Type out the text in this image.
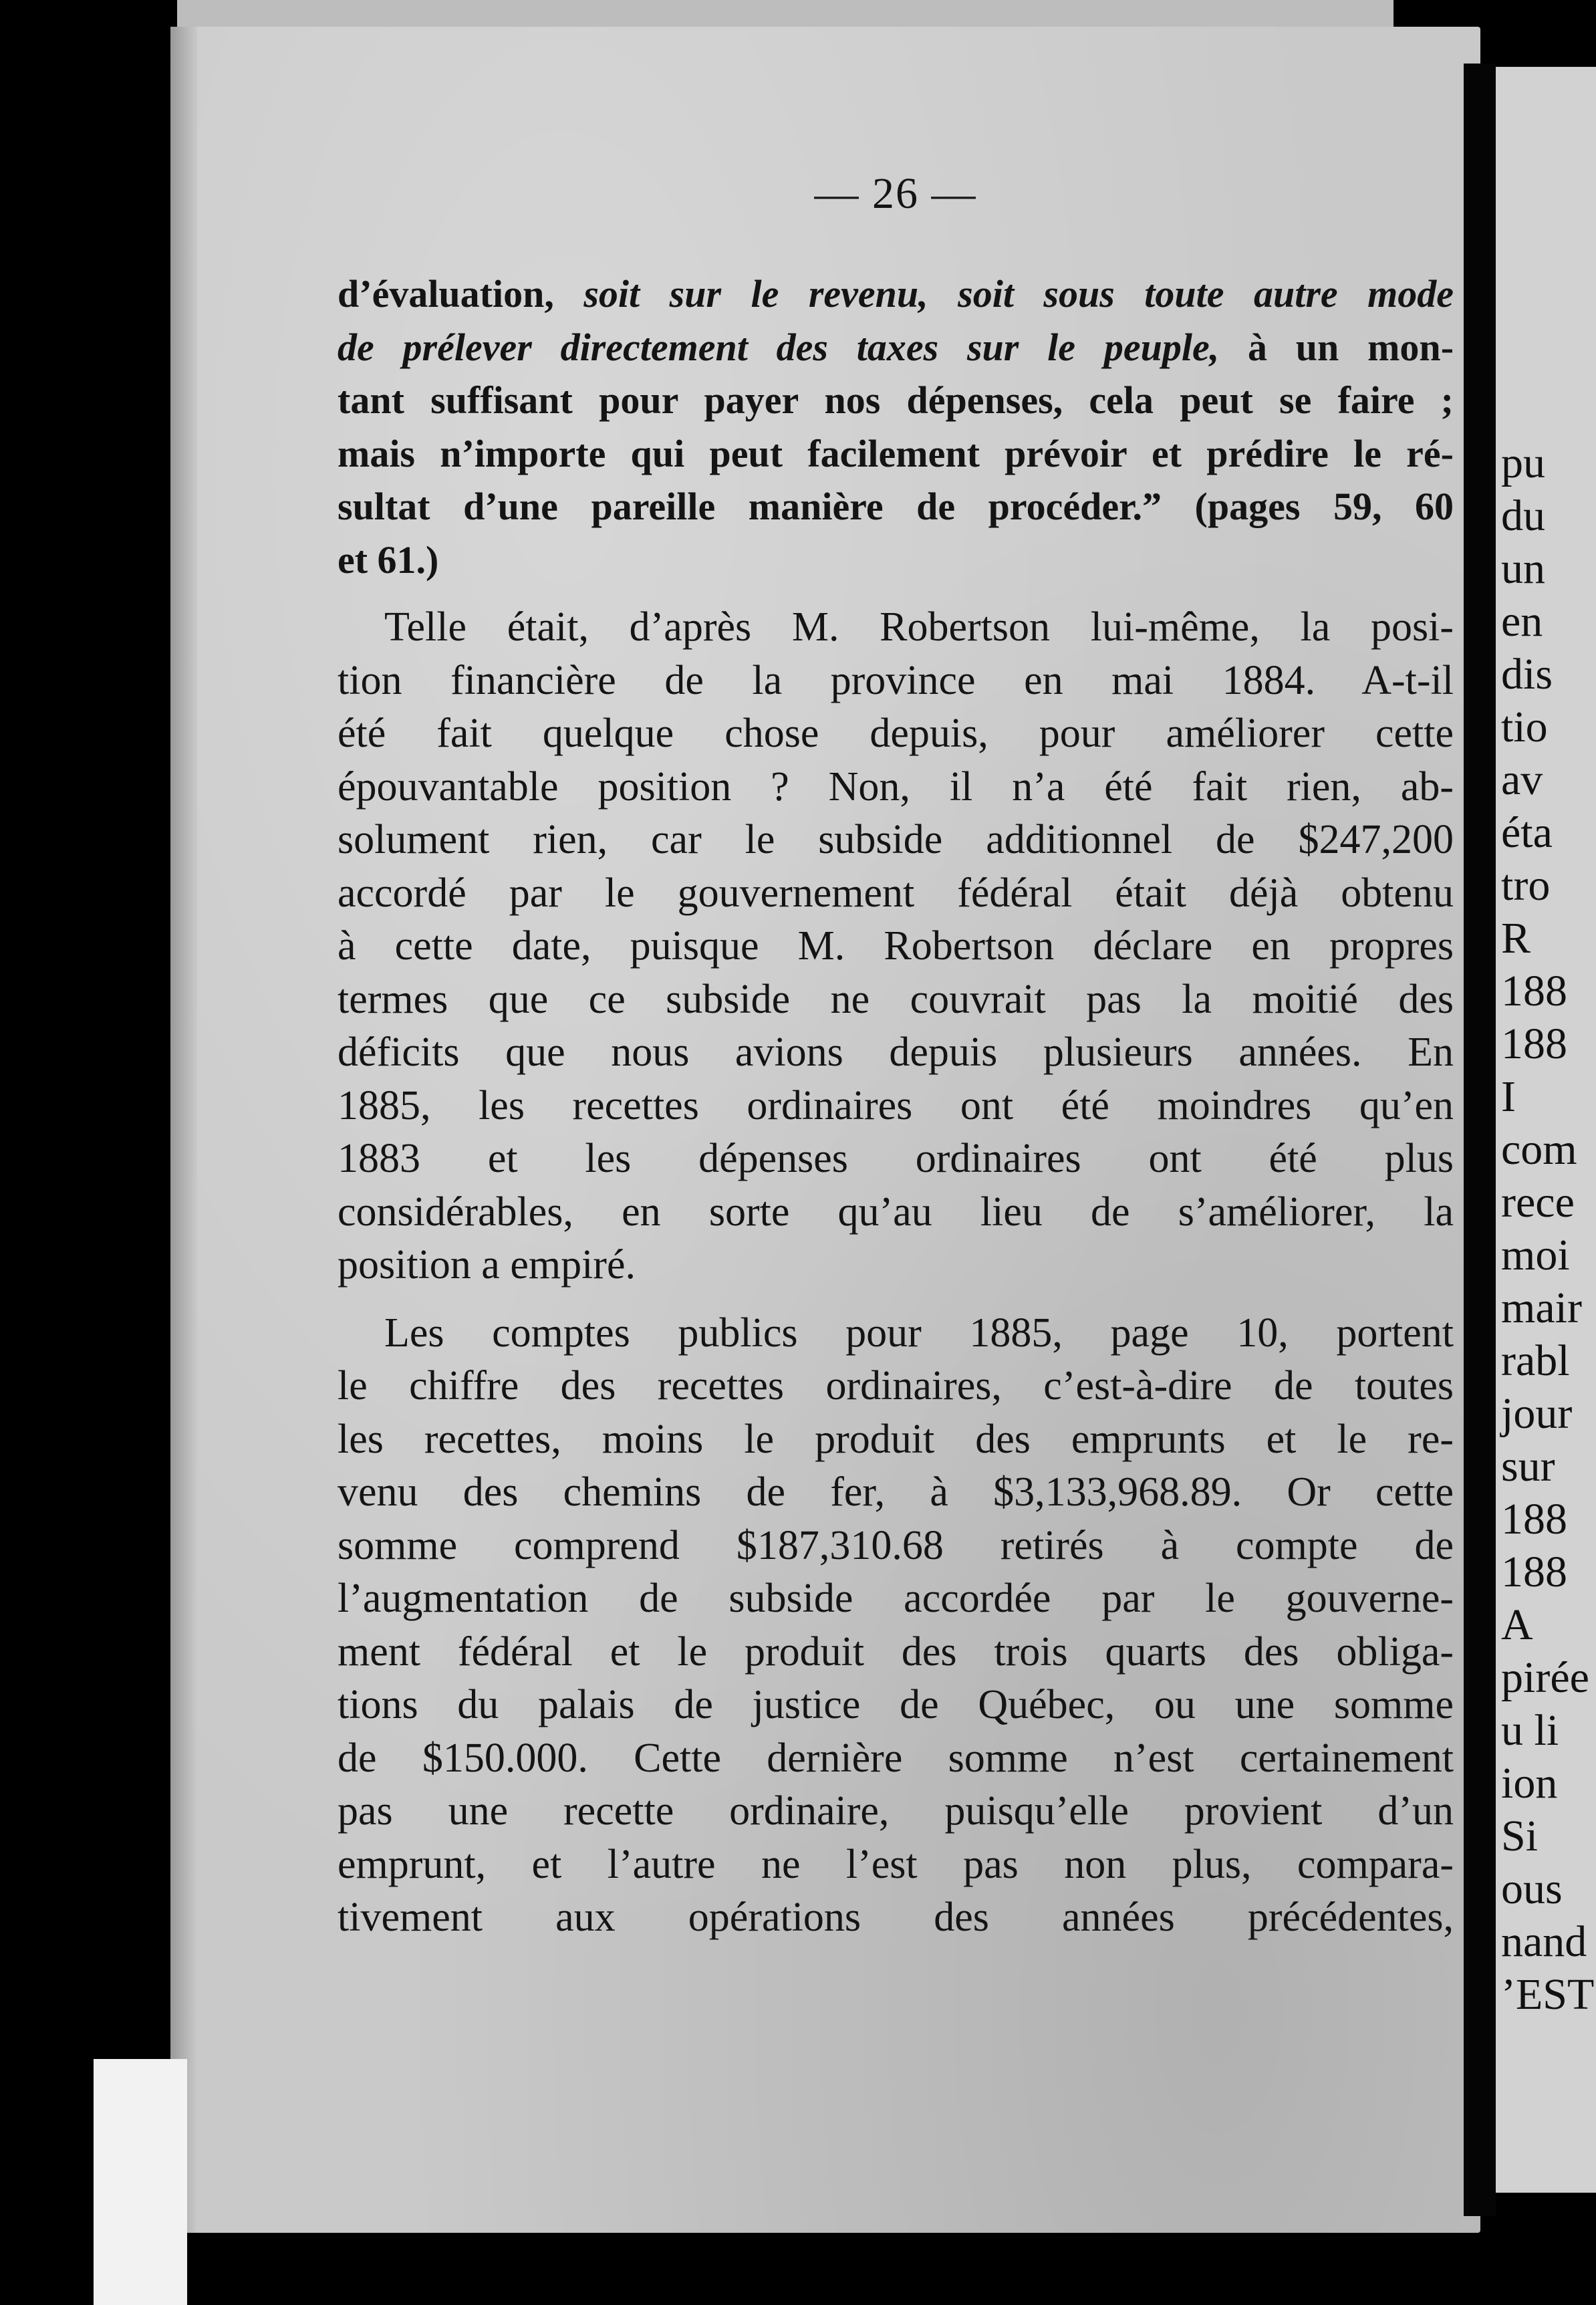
pu
du
un
en
dis
tio
av
éta
tro
R
188
188
I
com
rece
moi
mair
rabl
jour
sur
188
188
A
pirée
u li
ion
Si
ous
nand
’EST
— 26 —
d’évaluation, soit sur le revenu, soit sous toute autre mode
de prélever directement des taxes sur le peuple, à un mon-
tant suffisant pour payer nos dépenses, cela peut se faire ;
mais n’importe qui peut facilement prévoir et prédire le ré-
sultat d’une pareille manière de procéder.” (pages 59, 60
et 61.)
Telle était, d’après M. Robertson lui-même, la posi-
tion financière de la province en mai 1884. A-t-il
été fait quelque chose depuis, pour améliorer cette
épouvantable position ? Non, il n’a été fait rien, ab-
solument rien, car le subside additionnel de $247,200
accordé par le gouvernement fédéral était déjà obtenu
à cette date, puisque M. Robertson déclare en propres
termes que ce subside ne couvrait pas la moitié des
déficits que nous avions depuis plusieurs années. En
1885, les recettes ordinaires ont été moindres qu’en
1883 et les dépenses ordinaires ont été plus
considérables, en sorte qu’au lieu de s’améliorer, la
position a empiré.
Les comptes publics pour 1885, page 10, portent
le chiffre des recettes ordinaires, c’est-à-dire de toutes
les recettes, moins le produit des emprunts et le re-
venu des chemins de fer, à $3,133,968.89. Or cette
somme comprend $187,310.68 retirés à compte de
l’augmentation de subside accordée par le gouverne-
ment fédéral et le produit des trois quarts des obliga-
tions du palais de justice de Québec, ou une somme
de $150.000. Cette dernière somme n’est certainement
pas une recette ordinaire, puisqu’elle provient d’un
emprunt, et l’autre ne l’est pas non plus, compara-
tivement aux opérations des années précédentes,
